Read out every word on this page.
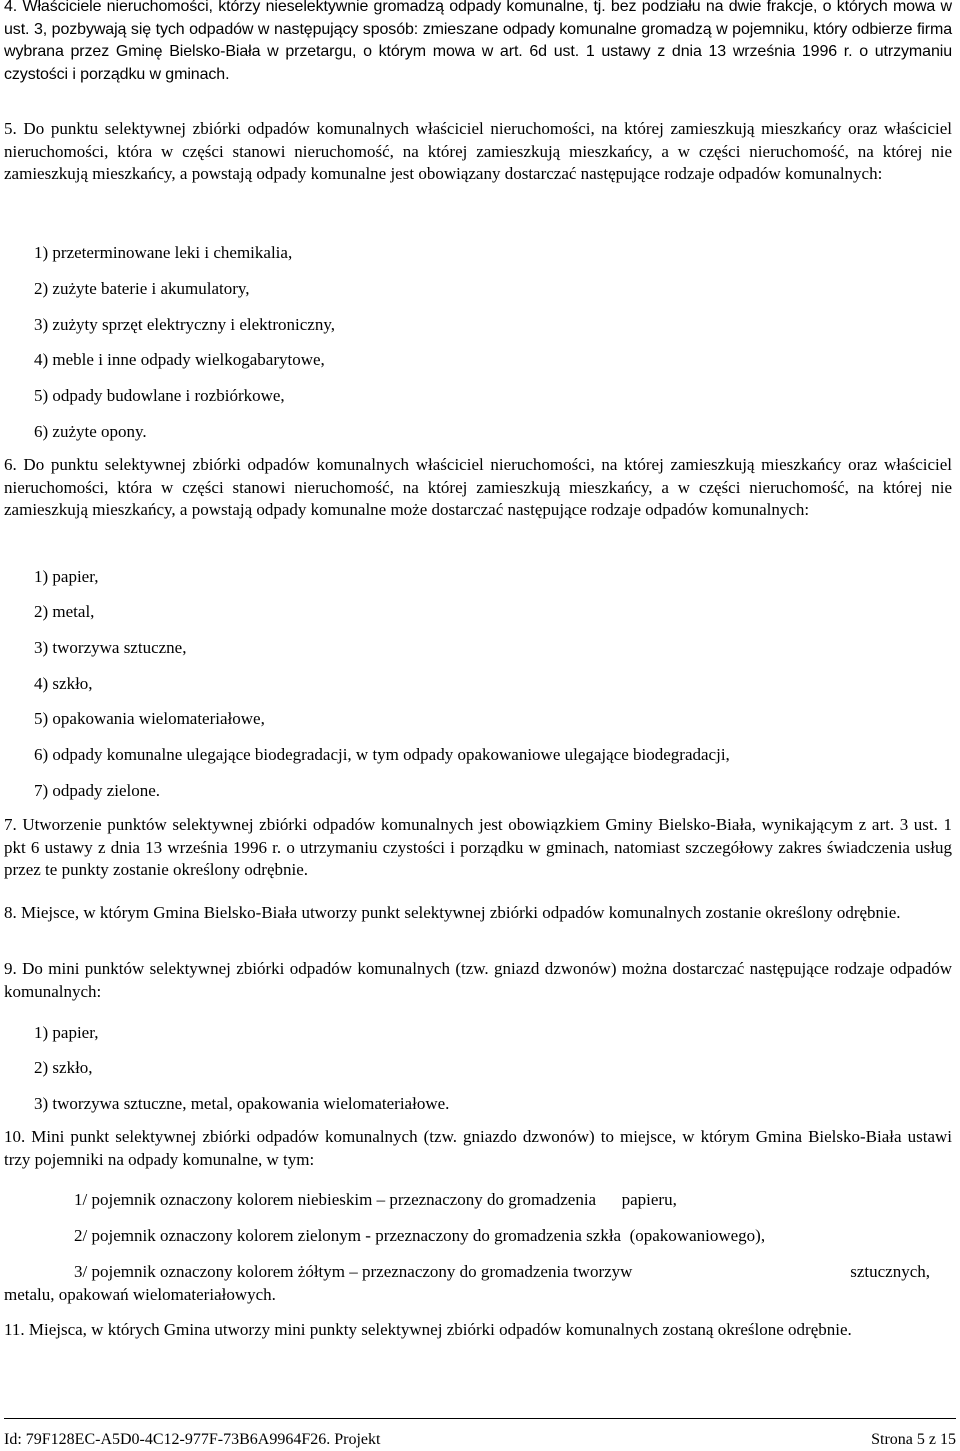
4. Właściciele nieruchomości, którzy nieselektywnie gromadzą odpady komunalne, tj. bez podziału na dwie frakcje, o których mowa w ust. 3, pozbywają się tych odpadów w następujący sposób: zmieszane odpady komunalne gromadzą w pojemniku, który odbierze firma wybrana przez Gminę Bielsko-Biała w przetargu, o którym mowa w art. 6d ust. 1 ustawy z dnia 13 września 1996 r. o utrzymaniu czystości i porządku w gminach.

5. Do punktu selektywnej zbiórki odpadów komunalnych właściciel nieruchomości, na której zamieszkują mieszkańcy oraz właściciel nieruchomości, która w części stanowi nieruchomość, na której zamieszkują mieszkańcy, a w części nieruchomość, na której nie zamieszkują mieszkańcy, a powstają odpady komunalne jest obowiązany dostarczać następujące rodzaje odpadów komunalnych:

1) przeterminowane leki i chemikalia,
2) zużyte baterie i akumulatory,
3) zużyty sprzęt elektryczny i elektroniczny,
4) meble i inne odpady wielkogabarytowe,
5) odpady budowlane i rozbiórkowe,
6) zużyte opony.

6. Do punktu selektywnej zbiórki odpadów komunalnych właściciel nieruchomości, na której zamieszkują mieszkańcy oraz właściciel nieruchomości, która w części stanowi nieruchomość, na której zamieszkują mieszkańcy, a w części nieruchomość, na której nie zamieszkują mieszkańcy, a powstają odpady komunalne może dostarczać następujące rodzaje odpadów komunalnych:

1) papier,
2) metal,
3) tworzywa sztuczne,
4) szkło,
5) opakowania wielomateriałowe,
6) odpady komunalne ulegające biodegradacji, w tym odpady opakowaniowe ulegające biodegradacji,
7) odpady zielone.

7. Utworzenie punktów selektywnej zbiórki odpadów komunalnych jest obowiązkiem Gminy Bielsko-Biała, wynikającym z art. 3 ust. 1 pkt 6 ustawy z dnia 13 września 1996 r. o utrzymaniu czystości i porządku w gminach, natomiast szczegółowy zakres świadczenia usług przez te punkty zostanie określony odrębnie.

8. Miejsce, w którym Gmina Bielsko-Biała utworzy punkt selektywnej zbiórki odpadów komunalnych zostanie określony odrębnie.

9. Do mini punktów selektywnej zbiórki odpadów komunalnych (tzw. gniazd dzwonów) można dostarczać następujące rodzaje odpadów komunalnych:

1) papier,
2) szkło,
3) tworzywa sztuczne, metal, opakowania wielomateriałowe.

10. Mini punkt selektywnej zbiórki odpadów komunalnych (tzw. gniazdo dzwonów) to miejsce, w którym Gmina Bielsko-Biała ustawi trzy pojemniki na odpady komunalne, w tym:

1/ pojemnik oznaczony kolorem niebieskim – przeznaczony do gromadzenia      papieru,
2/ pojemnik oznaczony kolorem zielonym - przeznaczony do gromadzenia szkła  (opakowaniowego),
3/ pojemnik oznaczony kolorem żółtym – przeznaczony do gromadzenia tworzyw	sztucznych,
metalu, opakowań wielomateriałowych.

11. Miejsca, w których Gmina utworzy mini punkty selektywnej zbiórki odpadów komunalnych zostaną określone odrębnie.

Id: 79F128EC-A5D0-4C12-977F-73B6A9964F26. Projekt	Strona 5 z 15
